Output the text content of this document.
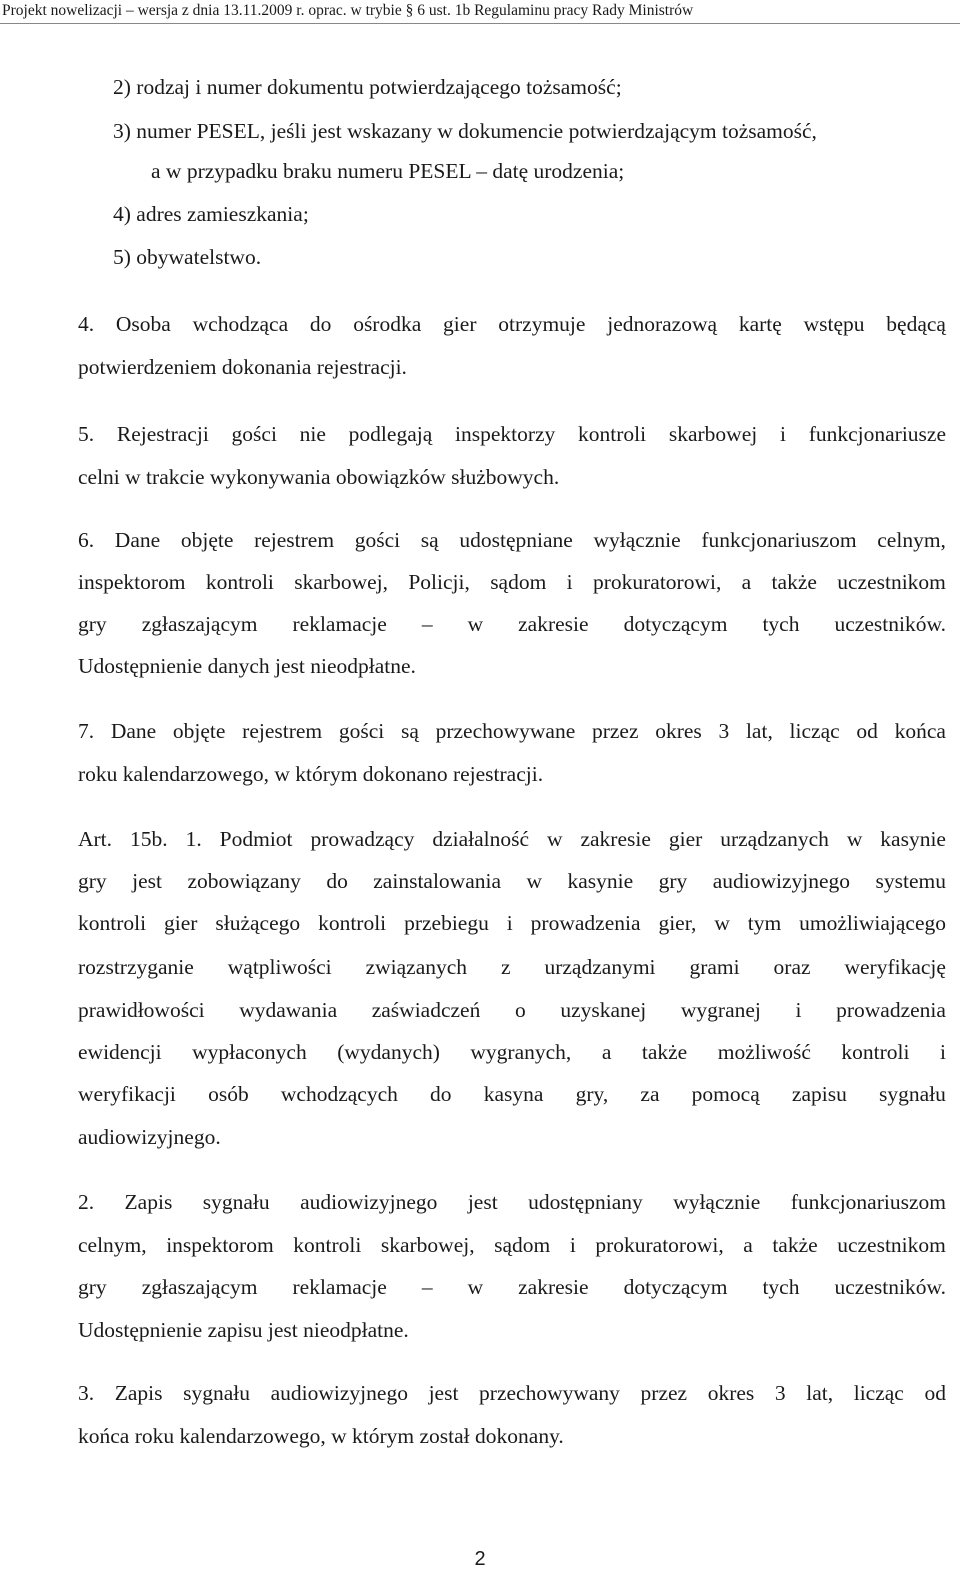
Projekt nowelizacji – wersja z dnia 13.11.2009 r. oprac. w trybie § 6 ust. 1b Regulaminu pracy Rady Ministrów
2) rodzaj i numer dokumentu potwierdzającego tożsamość;
3) numer PESEL, jeśli jest wskazany w dokumencie potwierdzającym tożsamość,
a w przypadku braku numeru PESEL – datę urodzenia;
4) adres zamieszkania;
5) obywatelstwo.
4. Osoba wchodząca do ośrodka gier otrzymuje jednorazową kartę wstępu będącą
potwierdzeniem dokonania rejestracji.
5. Rejestracji gości nie podlegają inspektorzy kontroli skarbowej i funkcjonariusze
celni w trakcie wykonywania obowiązków służbowych.
6. Dane objęte rejestrem gości są udostępniane wyłącznie funkcjonariuszom celnym,
inspektorom kontroli skarbowej, Policji, sądom i prokuratorowi, a także uczestnikom
gry zgłaszającym reklamacje – w zakresie dotyczącym tych uczestników.
Udostępnienie danych jest nieodpłatne.
7. Dane objęte rejestrem gości są przechowywane przez okres 3 lat, licząc od końca
roku kalendarzowego, w którym dokonano rejestracji.
Art. 15b. 1. Podmiot prowadzący działalność w zakresie gier urządzanych w kasynie
gry jest zobowiązany do zainstalowania w kasynie gry audiowizyjnego systemu
kontroli gier służącego kontroli przebiegu i prowadzenia gier, w tym umożliwiającego
rozstrzyganie wątpliwości związanych z urządzanymi grami oraz weryfikację
prawidłowości wydawania zaświadczeń o uzyskanej wygranej i prowadzenia
ewidencji wypłaconych (wydanych) wygranych, a także możliwość kontroli i
weryfikacji osób wchodzących do kasyna gry, za pomocą zapisu sygnału
audiowizyjnego.
2. Zapis sygnału audiowizyjnego jest udostępniany wyłącznie funkcjonariuszom
celnym, inspektorom kontroli skarbowej, sądom i prokuratorowi, a także uczestnikom
gry zgłaszającym reklamacje – w zakresie dotyczącym tych uczestników.
Udostępnienie zapisu jest nieodpłatne.
3. Zapis sygnału audiowizyjnego jest przechowywany przez okres 3 lat, licząc od
końca roku kalendarzowego, w którym został dokonany.
2
